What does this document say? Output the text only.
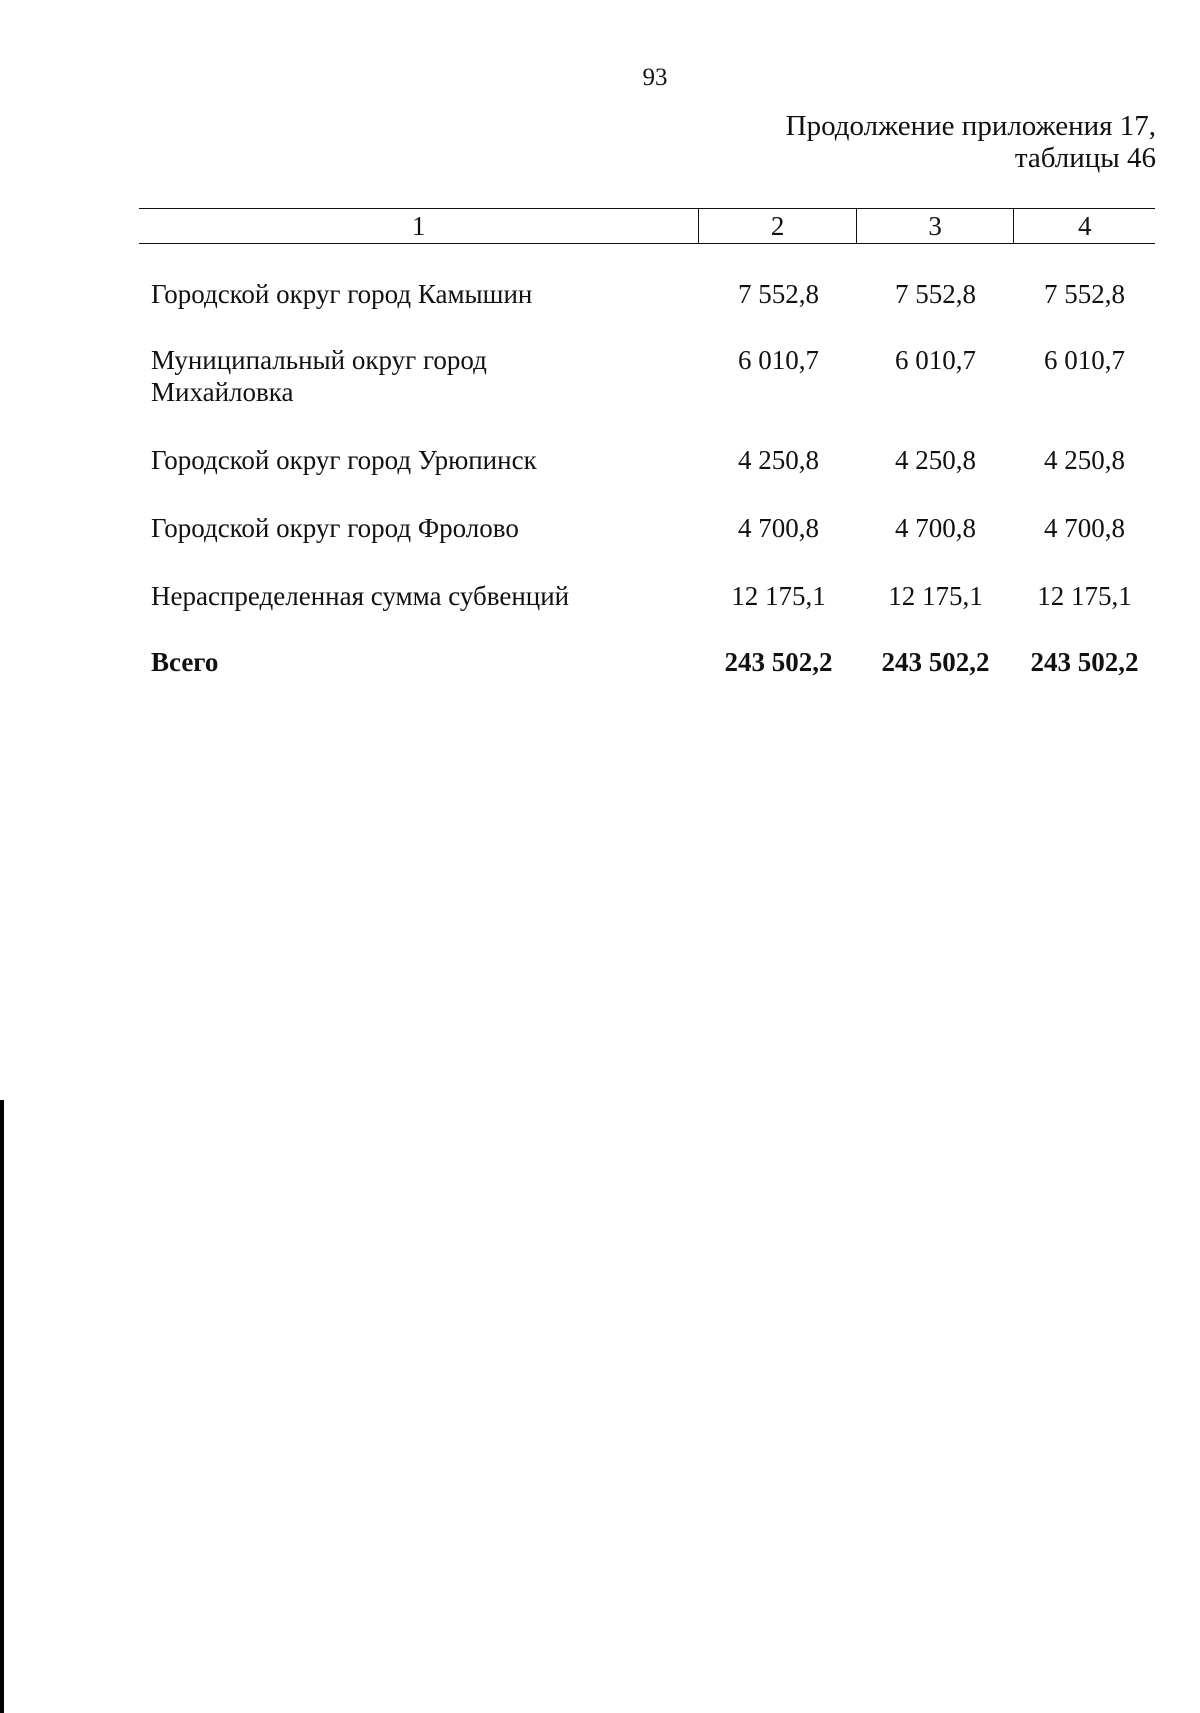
93
Продолжение приложения 17,
таблицы 46
1	2	3	4
Городской округ город Камышин	7 552,8	7 552,8	7 552,8
Муниципальный округ город
Михайловка
6 010,7	6 010,7	6 010,7
Городской округ город Урюпинск	4 250,8	4 250,8	4 250,8
Городской округ город Фролово	4 700,8	4 700,8	4 700,8
Нераспределенная сумма субвенций	12 175,1	12 175,1	12 175,1
Всего	243 502,2	243 502,2	243 502,2
